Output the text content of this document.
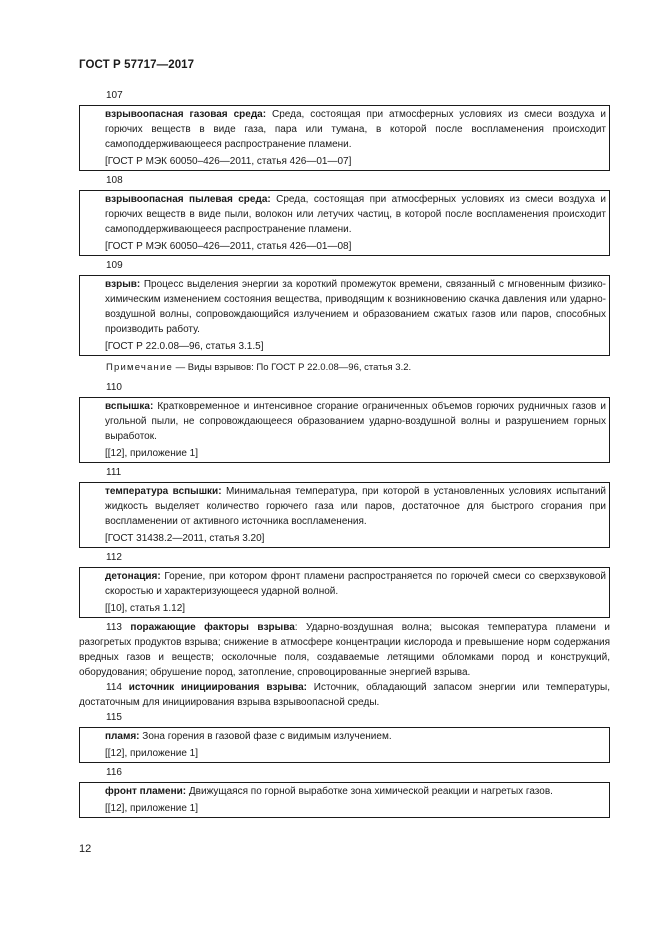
ГОСТ Р 57717—2017
107

взрывоопасная газовая среда: Среда, состоящая при атмосферных условиях из смеси воздуха и горючих веществ в виде газа, пара или тумана, в которой после воспламенения происходит самоподдерживающееся распространение пламени.

[ГОСТ Р МЭК 60050–426—2011, статья 426—01—07]

108

взрывоопасная пылевая среда: Среда, состоящая при атмосферных условиях из смеси воздуха и горючих веществ в виде пыли, волокон или летучих частиц, в которой после воспламенения происходит самоподдерживающееся распространение пламени.

[ГОСТ Р МЭК 60050–426—2011, статья 426—01—08]

109

взрыв: Процесс выделения энергии за короткий промежуток времени, связанный с мгновенным физико-химическим изменением состояния вещества, приводящим к возникновению скачка давления или ударно-воздушной волны, сопровождающийся излучением и образованием сжатых газов или паров, способных производить работу.

[ГОСТ Р 22.0.08—96, статья 3.1.5]

Примечание — Виды взрывов: По ГОСТ Р 22.0.08—96, статья 3.2.
110

вспышка: Кратковременное и интенсивное сгорание ограниченных объемов горючих рудничных газов и угольной пыли, не сопровождающееся образованием ударно-воздушной волны и разрушением горных выработок.

[[12], приложение 1]

111

температура вспышки: Минимальная температура, при которой в установленных условиях испытаний жидкость выделяет количество горючего газа или паров, достаточное для быстрого сгорания при воспламенении от активного источника воспламенения.

[ГОСТ 31438.2—2011, статья 3.20]

112

детонация: Горение, при котором фронт пламени распространяется по горючей смеси со сверхзвуковой скоростью и характеризующееся ударной волной.

[[10], статья 1.12]

113 поражающие факторы взрыва: Ударно-воздушная волна; высокая температура пламени и разогретых продуктов взрыва; снижение в атмосфере концентрации кислорода и превышение норм содержания вредных газов и веществ; осколочные поля, создаваемые летящими обломками пород и конструкций, оборудования; обрушение пород, затопление, спровоцированные энергией взрыва.

114 источник инициирования взрыва: Источник, обладающий запасом энергии или температуры, достаточным для инициирования взрыва взрывоопасной среды.

115

пламя: Зона горения в газовой фазе с видимым излучением.

[[12], приложение 1]

116

фронт пламени: Движущаяся по горной выработке зона химической реакции и нагретых газов.

[[12], приложение 1]

12
